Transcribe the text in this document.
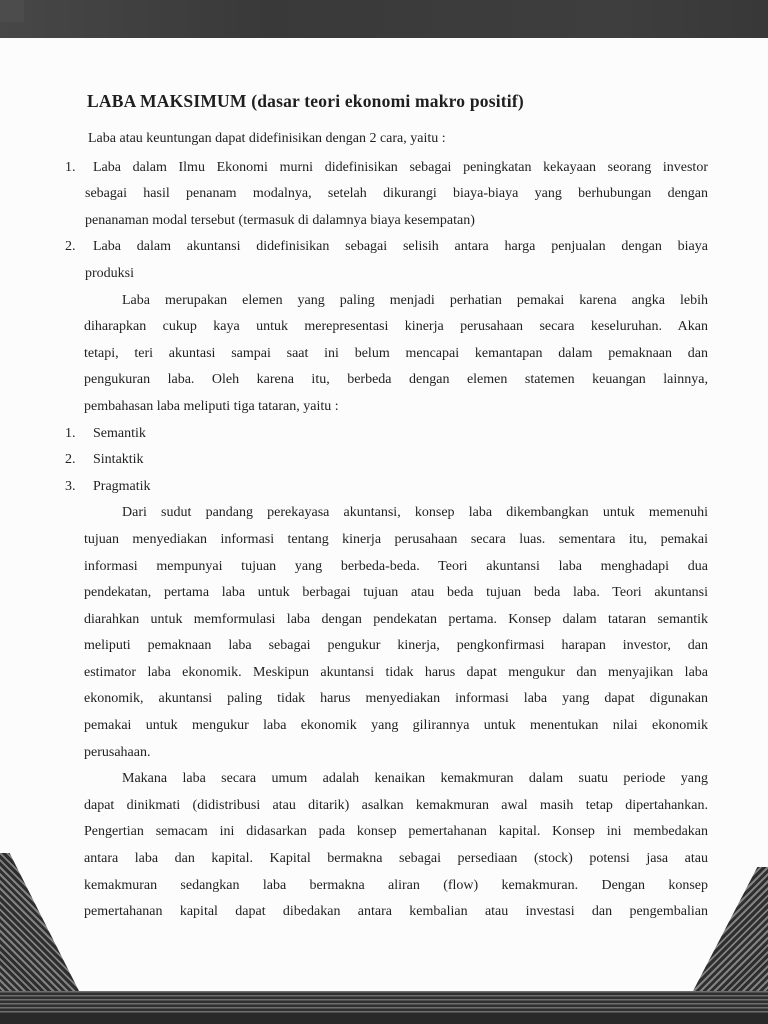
LABA MAKSIMUM (dasar teori ekonomi makro positif)
Laba atau keuntungan dapat didefinisikan dengan 2 cara, yaitu :
1.	Laba dalam Ilmu Ekonomi murni didefinisikan sebagai peningkatan kekayaan seorang investor
sebagai hasil penanam modalnya, setelah dikurangi biaya-biaya yang berhubungan dengan
penanaman modal tersebut (termasuk di dalamnya biaya kesempatan)
2.	Laba dalam akuntansi didefinisikan sebagai selisih antara harga penjualan dengan biaya
produksi
Laba merupakan elemen yang paling menjadi perhatian pemakai karena angka lebih
diharapkan cukup kaya untuk merepresentasi kinerja perusahaan secara keseluruhan. Akan
tetapi, teri akuntasi sampai saat ini belum mencapai kemantapan dalam pemaknaan dan
pengukuran laba. Oleh karena itu, berbeda dengan elemen statemen keuangan lainnya,
pembahasan laba meliputi tiga tataran, yaitu :
1.	Semantik
2.	Sintaktik
3.	Pragmatik
Dari sudut pandang perekayasa akuntansi, konsep laba dikembangkan untuk memenuhi
tujuan menyediakan informasi tentang kinerja perusahaan secara luas. sementara itu, pemakai
informasi mempunyai tujuan yang berbeda-beda. Teori akuntansi laba menghadapi dua
pendekatan, pertama laba untuk berbagai tujuan atau beda tujuan beda laba. Teori akuntansi
diarahkan untuk memformulasi laba dengan pendekatan pertama. Konsep dalam tataran semantik
meliputi pemaknaan laba sebagai pengukur kinerja, pengkonfirmasi harapan investor, dan
estimator laba ekonomik. Meskipun akuntansi tidak harus dapat mengukur dan menyajikan laba
ekonomik, akuntansi paling tidak harus menyediakan informasi laba yang dapat digunakan
pemakai untuk mengukur laba ekonomik yang gilirannya untuk menentukan nilai ekonomik
perusahaan.
Makana laba secara umum adalah kenaikan kemakmuran dalam suatu periode yang
dapat dinikmati (didistribusi atau ditarik) asalkan kemakmuran awal masih tetap dipertahankan.
Pengertian semacam ini didasarkan pada konsep pemertahanan kapital. Konsep ini membedakan
antara laba dan kapital. Kapital bermakna sebagai persediaan (stock) potensi jasa atau
kemakmuran sedangkan laba bermakna aliran (flow) kemakmuran. Dengan konsep
pemertahanan kapital dapat dibedakan antara kembalian atau investasi dan pengembalian
